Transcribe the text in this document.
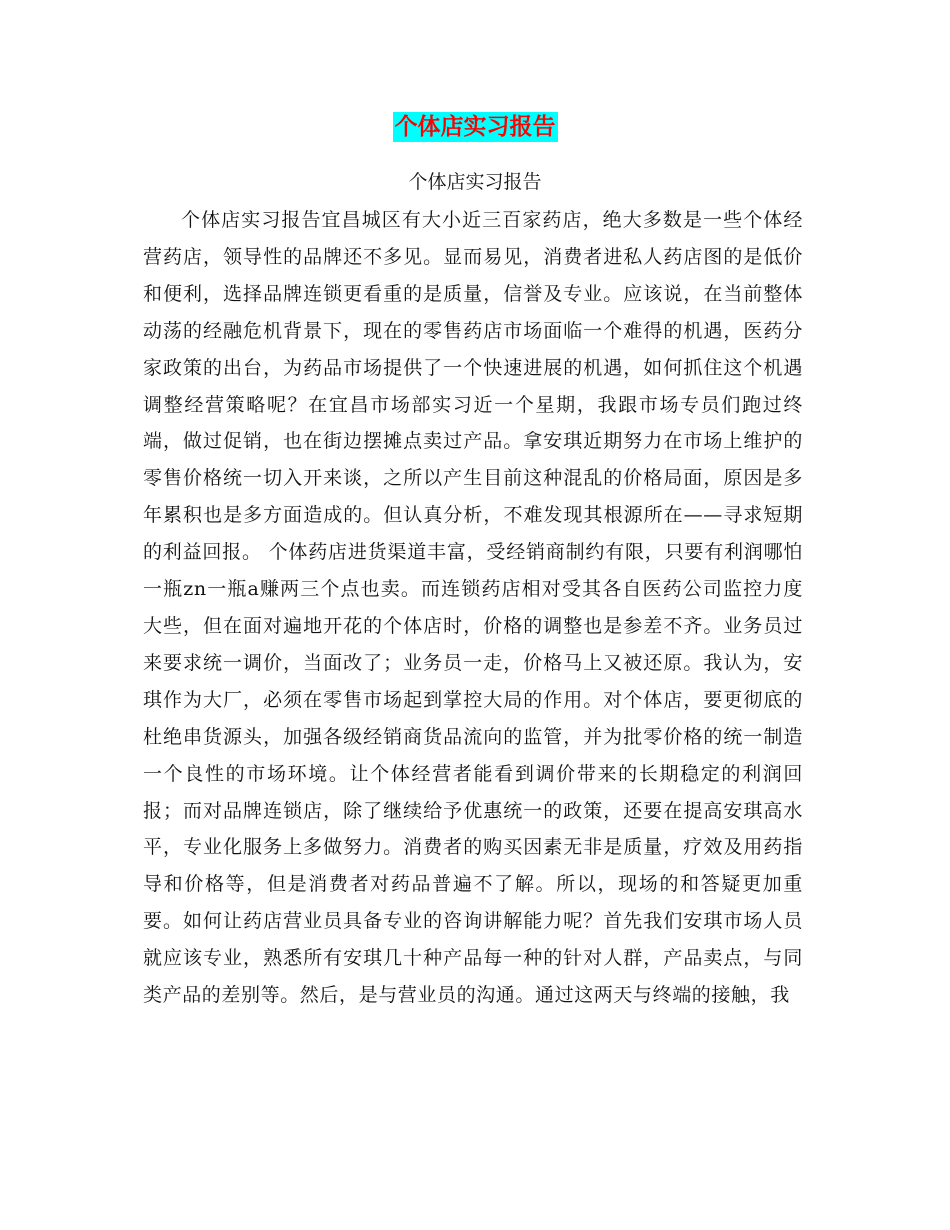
个体店实习报告
个体店实习报告

个体店实习报告宜昌城区有大小近三百家药店，绝大多数是一些个体经营药店，领导性的品牌还不多见。显而易见，消费者进私人药店图的是低价和便利，选择品牌连锁更看重的是质量，信誉及专业。应该说，在当前整体动荡的经融危机背景下，现在的零售药店市场面临一个难得的机遇，医药分家政策的出台，为药品市场提供了一个快速进展的机遇，如何抓住这个机遇调整经营策略呢？在宜昌市场部实习近一个星期，我跟市场专员们跑过终端，做过促销，也在街边摆摊点卖过产品。拿安琪近期努力在市场上维护的零售价格统一切入开来谈，之所以产生目前这种混乱的价格局面，原因是多年累积也是多方面造成的。但认真分析，不难发现其根源所在——寻求短期的利益回报。 个体药店进货渠道丰富，受经销商制约有限，只要有利润哪怕一瓶zn一瓶a赚两三个点也卖。而连锁药店相对受其各自医药公司监控力度大些，但在面对遍地开花的个体店时，价格的调整也是参差不齐。业务员过来要求统一调价，当面改了；业务员一走，价格马上又被还原。我认为，安琪作为大厂，必须在零售市场起到掌控大局的作用。对个体店，要更彻底的杜绝串货源头，加强各级经销商货品流向的监管，并为批零价格的统一制造一个良性的市场环境。让个体经营者能看到调价带来的长期稳定的利润回报；而对品牌连锁店，除了继续给予优惠统一的政策，还要在提高安琪高水平，专业化服务上多做努力。消费者的购买因素无非是质量，疗效及用药指导和价格等，但是消费者对药品普遍不了解。所以，现场的和答疑更加重要。如何让药店营业员具备专业的咨询讲解能力呢？首先我们安琪市场人员就应该专业，熟悉所有安琪几十种产品每一种的针对人群，产品卖点，与同类产品的差别等。然后，是与营业员的沟通。通过这两天与终端的接触，我
